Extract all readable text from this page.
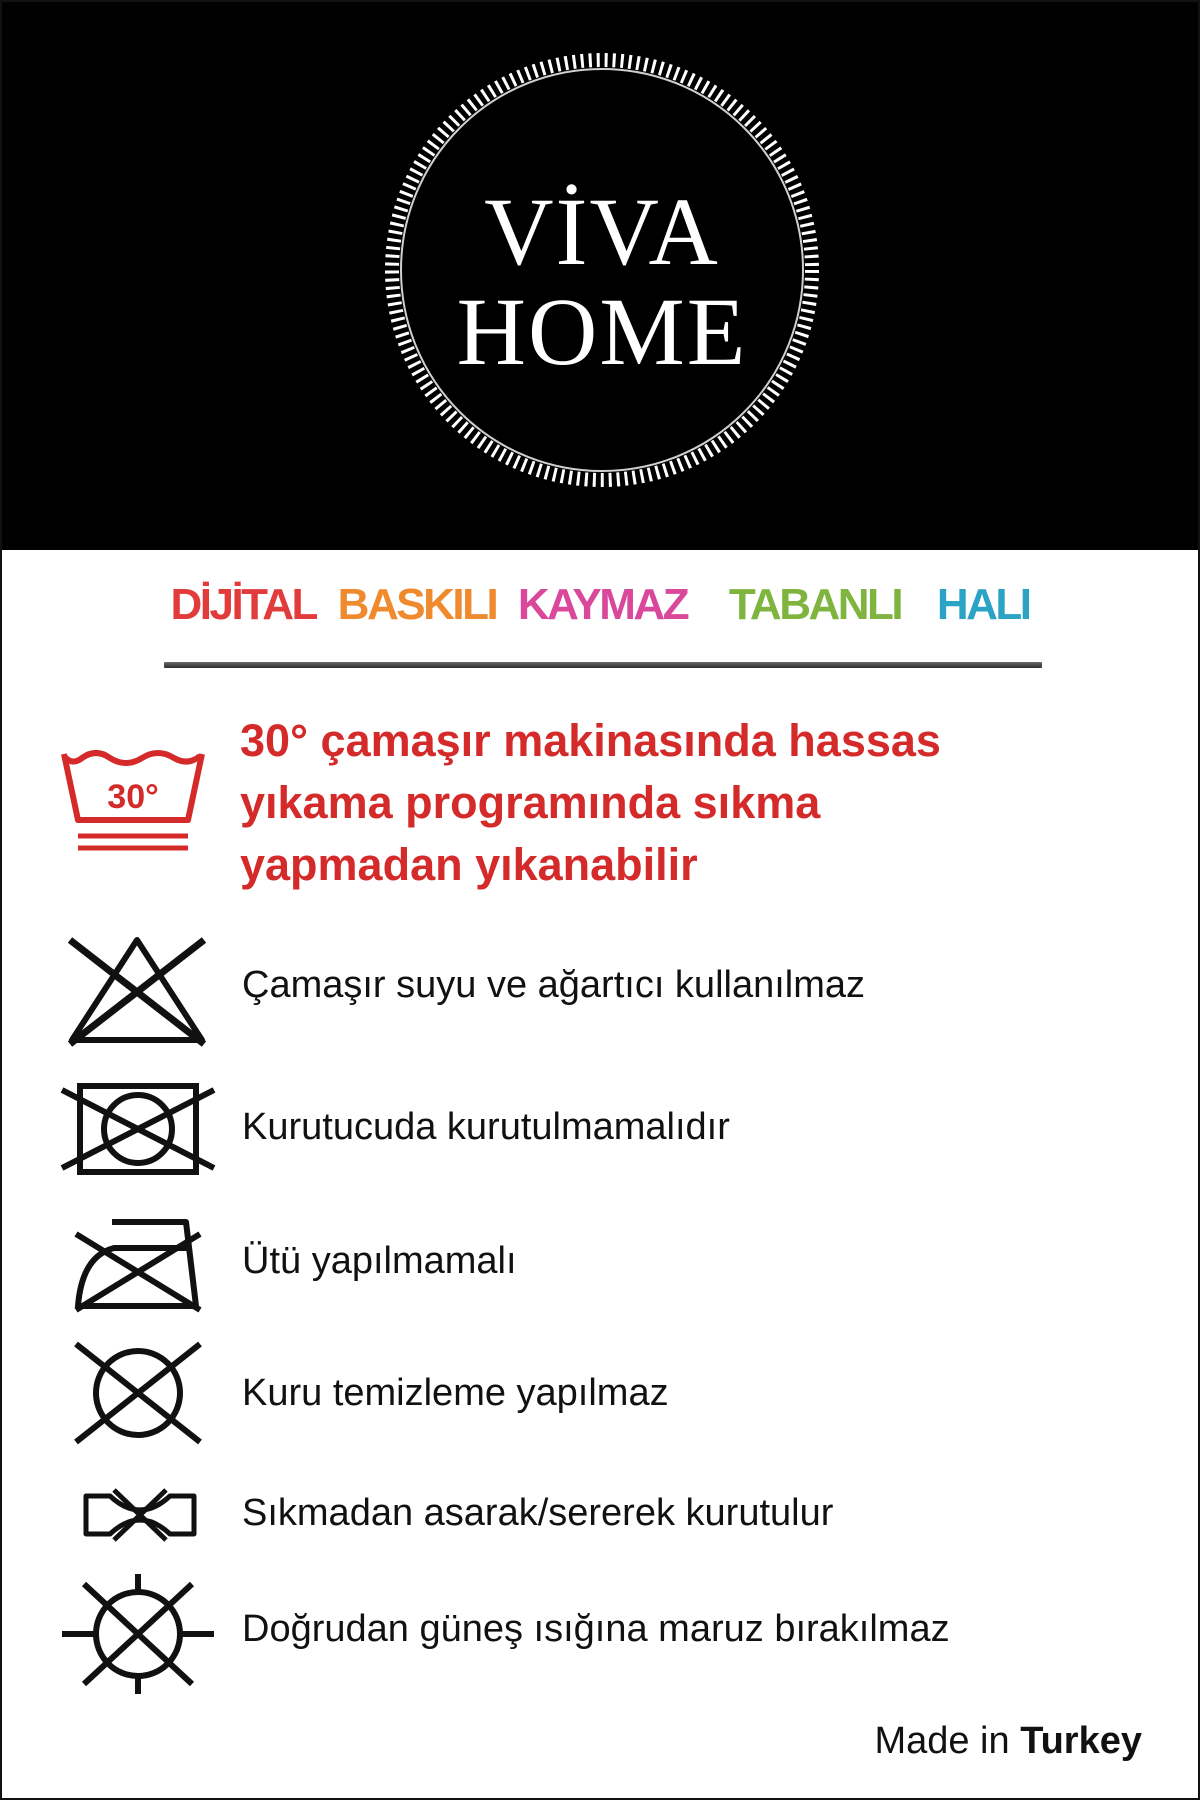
VİVA
HOME
DİJİTAL BASKILI KAYMAZ TABANLI HALI
30°
30° çamaşır makinasında hassas
yıkama programında sıkma
yapmadan yıkanabilir
Çamaşır suyu ve ağartıcı kullanılmaz
Kurutucuda kurutulmamalıdır
Ütü yapılmamalı
Kuru temizleme yapılmaz
Sıkmadan asarak/sererek kurutulur
Doğrudan güneş ısığına maruz bırakılmaz
Made in Turkey
